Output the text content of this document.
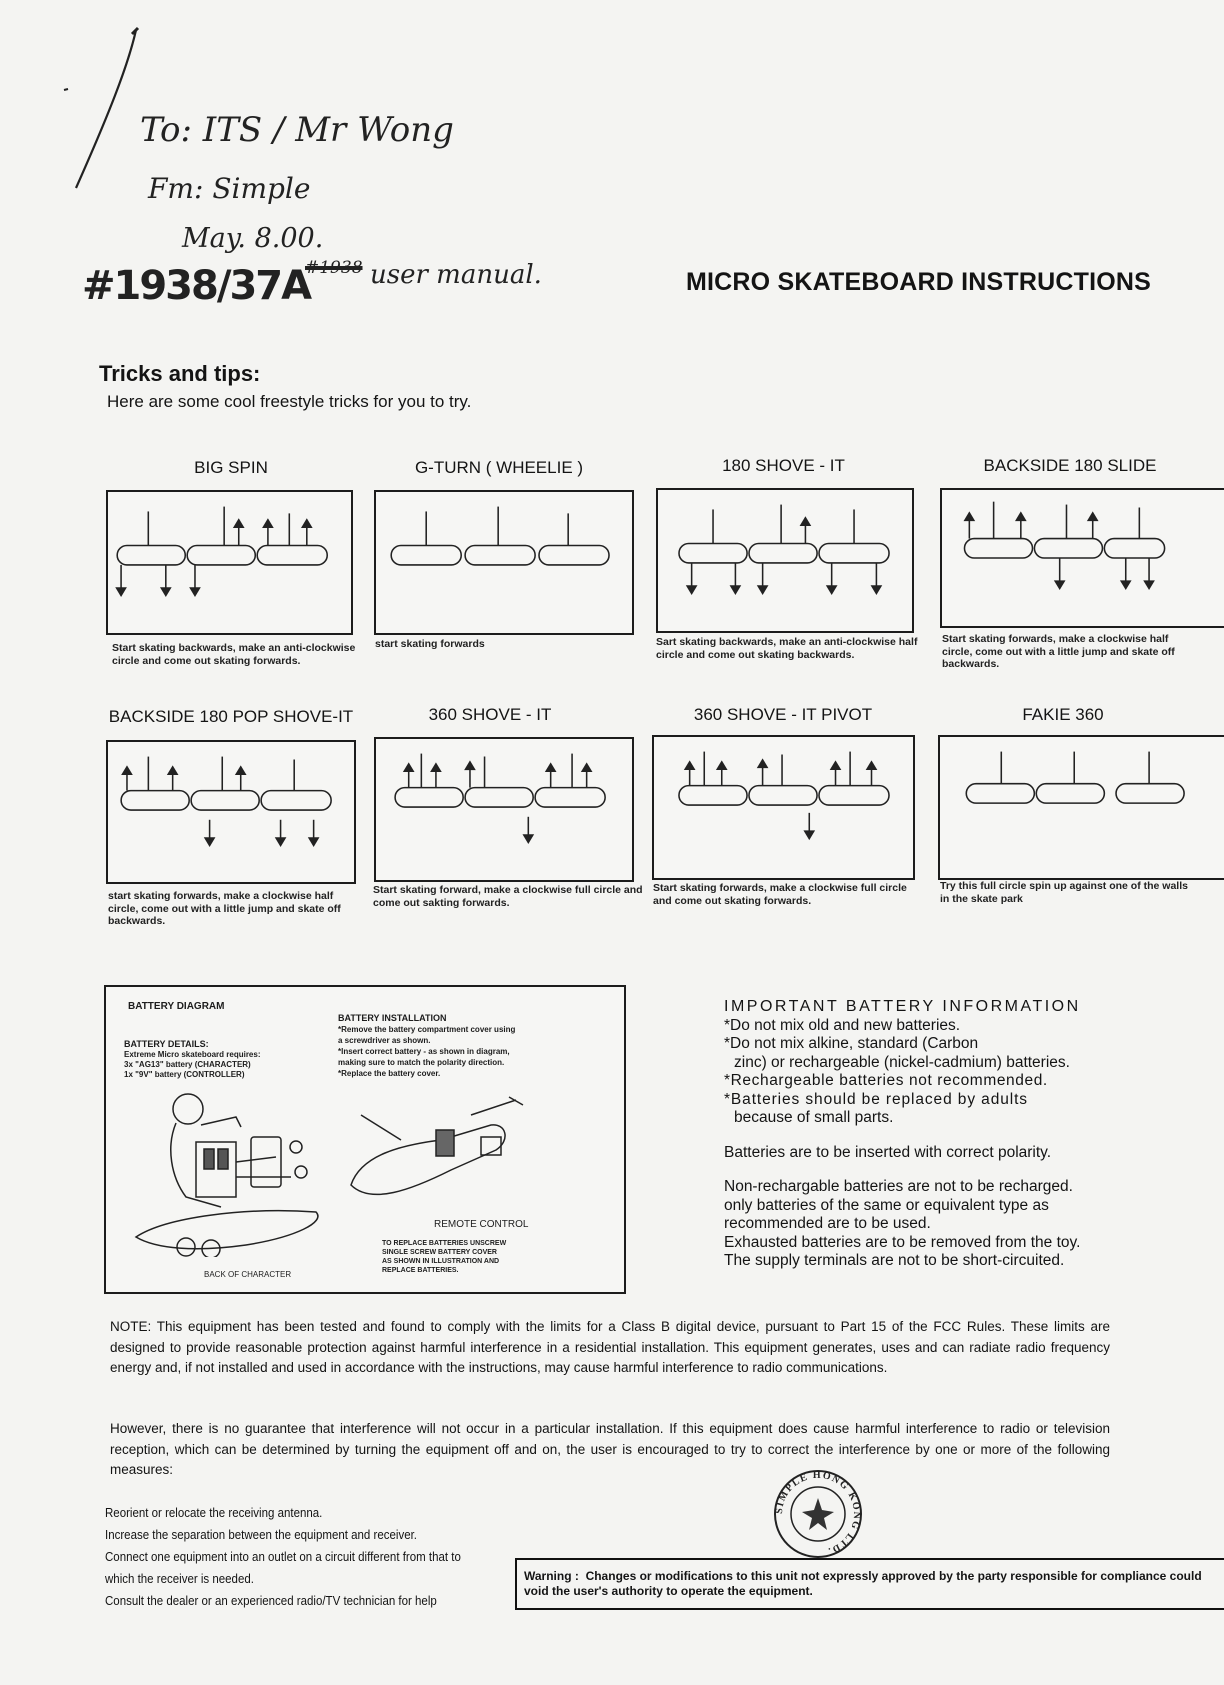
To: ITS / Mr Wong
Fm: Simple
May. 8.00.
#1938/37A
#1938 user manual.	MICRO SKATEBOARD INSTRUCTIONS
Tricks and tips:
Here are some cool freestyle tricks for you to try.
BIG SPIN
Start skating backwards, make an anti-clockwise circle and come out skating forwards.
G-TURN ( WHEELIE )
start skating forwards
180 SHOVE - IT
Sart skating backwards, make an anti-clockwise half circle and come out skating backwards.
BACKSIDE 180 SLIDE
Start skating forwards, make a clockwise half circle, come out with a little jump and skate off backwards.
BACKSIDE 180 POP SHOVE-IT
start skating forwards, make a clockwise half circle, come out with a little jump and skate off backwards.
360 SHOVE - IT
Start skating forward, make a clockwise full circle and come out sakting forwards.
360 SHOVE - IT PIVOT
Start skating forwards, make a clockwise full circle and come out skating forwards.
FAKIE 360
Try this full circle spin up against one of the walls in the skate park
BATTERY DIAGRAM
BATTERY DETAILS:
Extreme Micro skateboard requires:
3x "AG13" battery (CHARACTER)
1x "9V" battery (CONTROLLER)
BATTERY INSTALLATION
*Remove the battery compartment cover using
a screwdriver as shown.
*Insert correct battery - as shown in diagram,
making sure to match the polarity direction.
*Replace the battery cover.
REMOTE CONTROL
TO REPLACE BATTERIES UNSCREW
SINGLE SCREW BATTERY COVER
AS SHOWN IN ILLUSTRATION AND
REPLACE BATTERIES.
BACK OF CHARACTER
IMPORTANT BATTERY INFORMATION
*Do not mix old and new batteries.
*Do not mix alkine, standard (Carbon
zinc) or rechargeable (nickel-cadmium) batteries.
*Rechargeable batteries not recommended.
*Batteries should be replaced by adults
because of small parts.
Batteries are to be inserted with correct polarity.
Non-rechargable batteries are not to be recharged.
only batteries of the same or equivalent type as
recommended are to be used.
Exhausted batteries are to be removed from the toy.
The supply terminals are not to be short-circuited.
NOTE: This equipment has been tested and found to comply with the limits for a Class B digital device, pursuant to Part 15 of the FCC Rules. These limits are designed to provide reasonable protection against harmful interference in a residential installation. This equipment generates, uses and can radiate radio frequency energy and, if not installed and used in accordance with the instructions, may cause harmful interference to radio communications.
However, there is no guarantee that interference will not occur in a particular installation. If this equipment does cause harmful interference to radio or television reception, which can be determined by turning the equipment off and on, the user is encouraged to try to correct the interference by one or more of the following measures:
Reorient or relocate the receiving antenna.
Increase the separation between the equipment and receiver.
Connect one equipment into an outlet on a circuit different from that to
which the receiver is needed.
Consult the dealer or an experienced radio/TV technician for help
SIMPLE HONG KONG LTD.
Warning : Changes or modifications to this unit not expressly approved by the party responsible for compliance could void the user's authority to operate the equipment.
